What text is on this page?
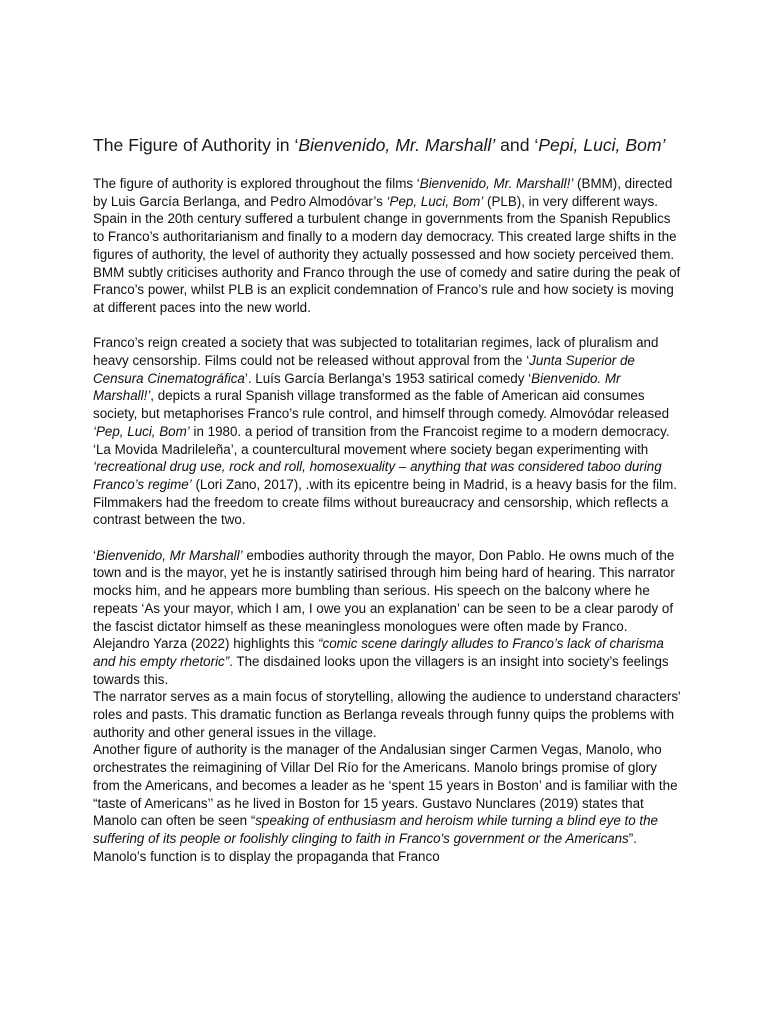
The Figure of Authority in ‘Bienvenido, Mr. Marshall’ and ‘Pepi, Luci, Bom’

The figure of authority is explored throughout the films ‘Bienvenido, Mr. Marshall!’ (BMM), directed by Luis García Berlanga, and Pedro Almodóvar’s ‘Pep, Luci, Bom’ (PLB), in very different ways. Spain in the 20th century suffered a turbulent change in governments from the Spanish Republics to Franco’s authoritarianism and finally to a modern day democracy. This created large shifts in the figures of authority, the level of authority they actually possessed and how society perceived them. BMM subtly criticises authority and Franco through the use of comedy and satire during the peak of Franco’s power, whilst PLB is an explicit condemnation of Franco’s rule and how society is moving at different paces into the new world.

Franco’s reign created a society that was subjected to totalitarian regimes, lack of pluralism and heavy censorship. Films could not be released without approval from the ‘Junta Superior de Censura Cinematográfica’. Luís García Berlanga’s 1953 satirical comedy ‘Bienvenido. Mr Marshall!’, depicts a rural Spanish village transformed as the fable of American aid consumes society, but metaphorises Franco’s rule control, and himself through comedy. Almovódar released ‘Pep, Luci, Bom’ in 1980. a period of transition from the Francoist regime to a modern democracy. ‘La Movida Madrileleña’, a countercultural movement where society began experimenting with ‘recreational drug use, rock and roll, homosexuality – anything that was considered taboo during Franco’s regime’ (Lori Zano, 2017), .with its epicentre being in Madrid, is a heavy basis for the film. Filmmakers had the freedom to create films without bureaucracy and censorship, which reflects a contrast between the two.

‘Bienvenido, Mr Marshall’ embodies authority through the mayor, Don Pablo. He owns much of the town and is the mayor, yet he is instantly satirised through him being hard of hearing. This narrator mocks him, and he appears more bumbling than serious. His speech on the balcony where he repeats ‘As your mayor, which I am, I owe you an explanation’ can be seen to be a clear parody of the fascist dictator himself as these meaningless monologues were often made by Franco. Alejandro Yarza (2022) highlights this “comic scene daringly alludes to Franco’s lack of charisma and his empty rhetoric”. The disdained looks upon the villagers is an insight into society’s feelings towards this.

The narrator serves as a main focus of storytelling, allowing the audience to understand characters' roles and pasts. This dramatic function as Berlanga reveals through funny quips the problems with authority and other general issues in the village.

Another figure of authority is the manager of the Andalusian singer Carmen Vegas, Manolo, who orchestrates the reimagining of Villar Del Río for the Americans. Manolo brings promise of glory from the Americans, and becomes a leader as he ‘spent 15 years in Boston’ and is familiar with the “taste of Americans’’ as he lived in Boston for 15 years. Gustavo Nunclares (2019) states that Manolo can often be seen “speaking of enthusiasm and heroism while turning a blind eye to the suffering of its people or foolishly clinging to faith in Franco's government or the Americans”. Manolo’s function is to display the propaganda that Franco
